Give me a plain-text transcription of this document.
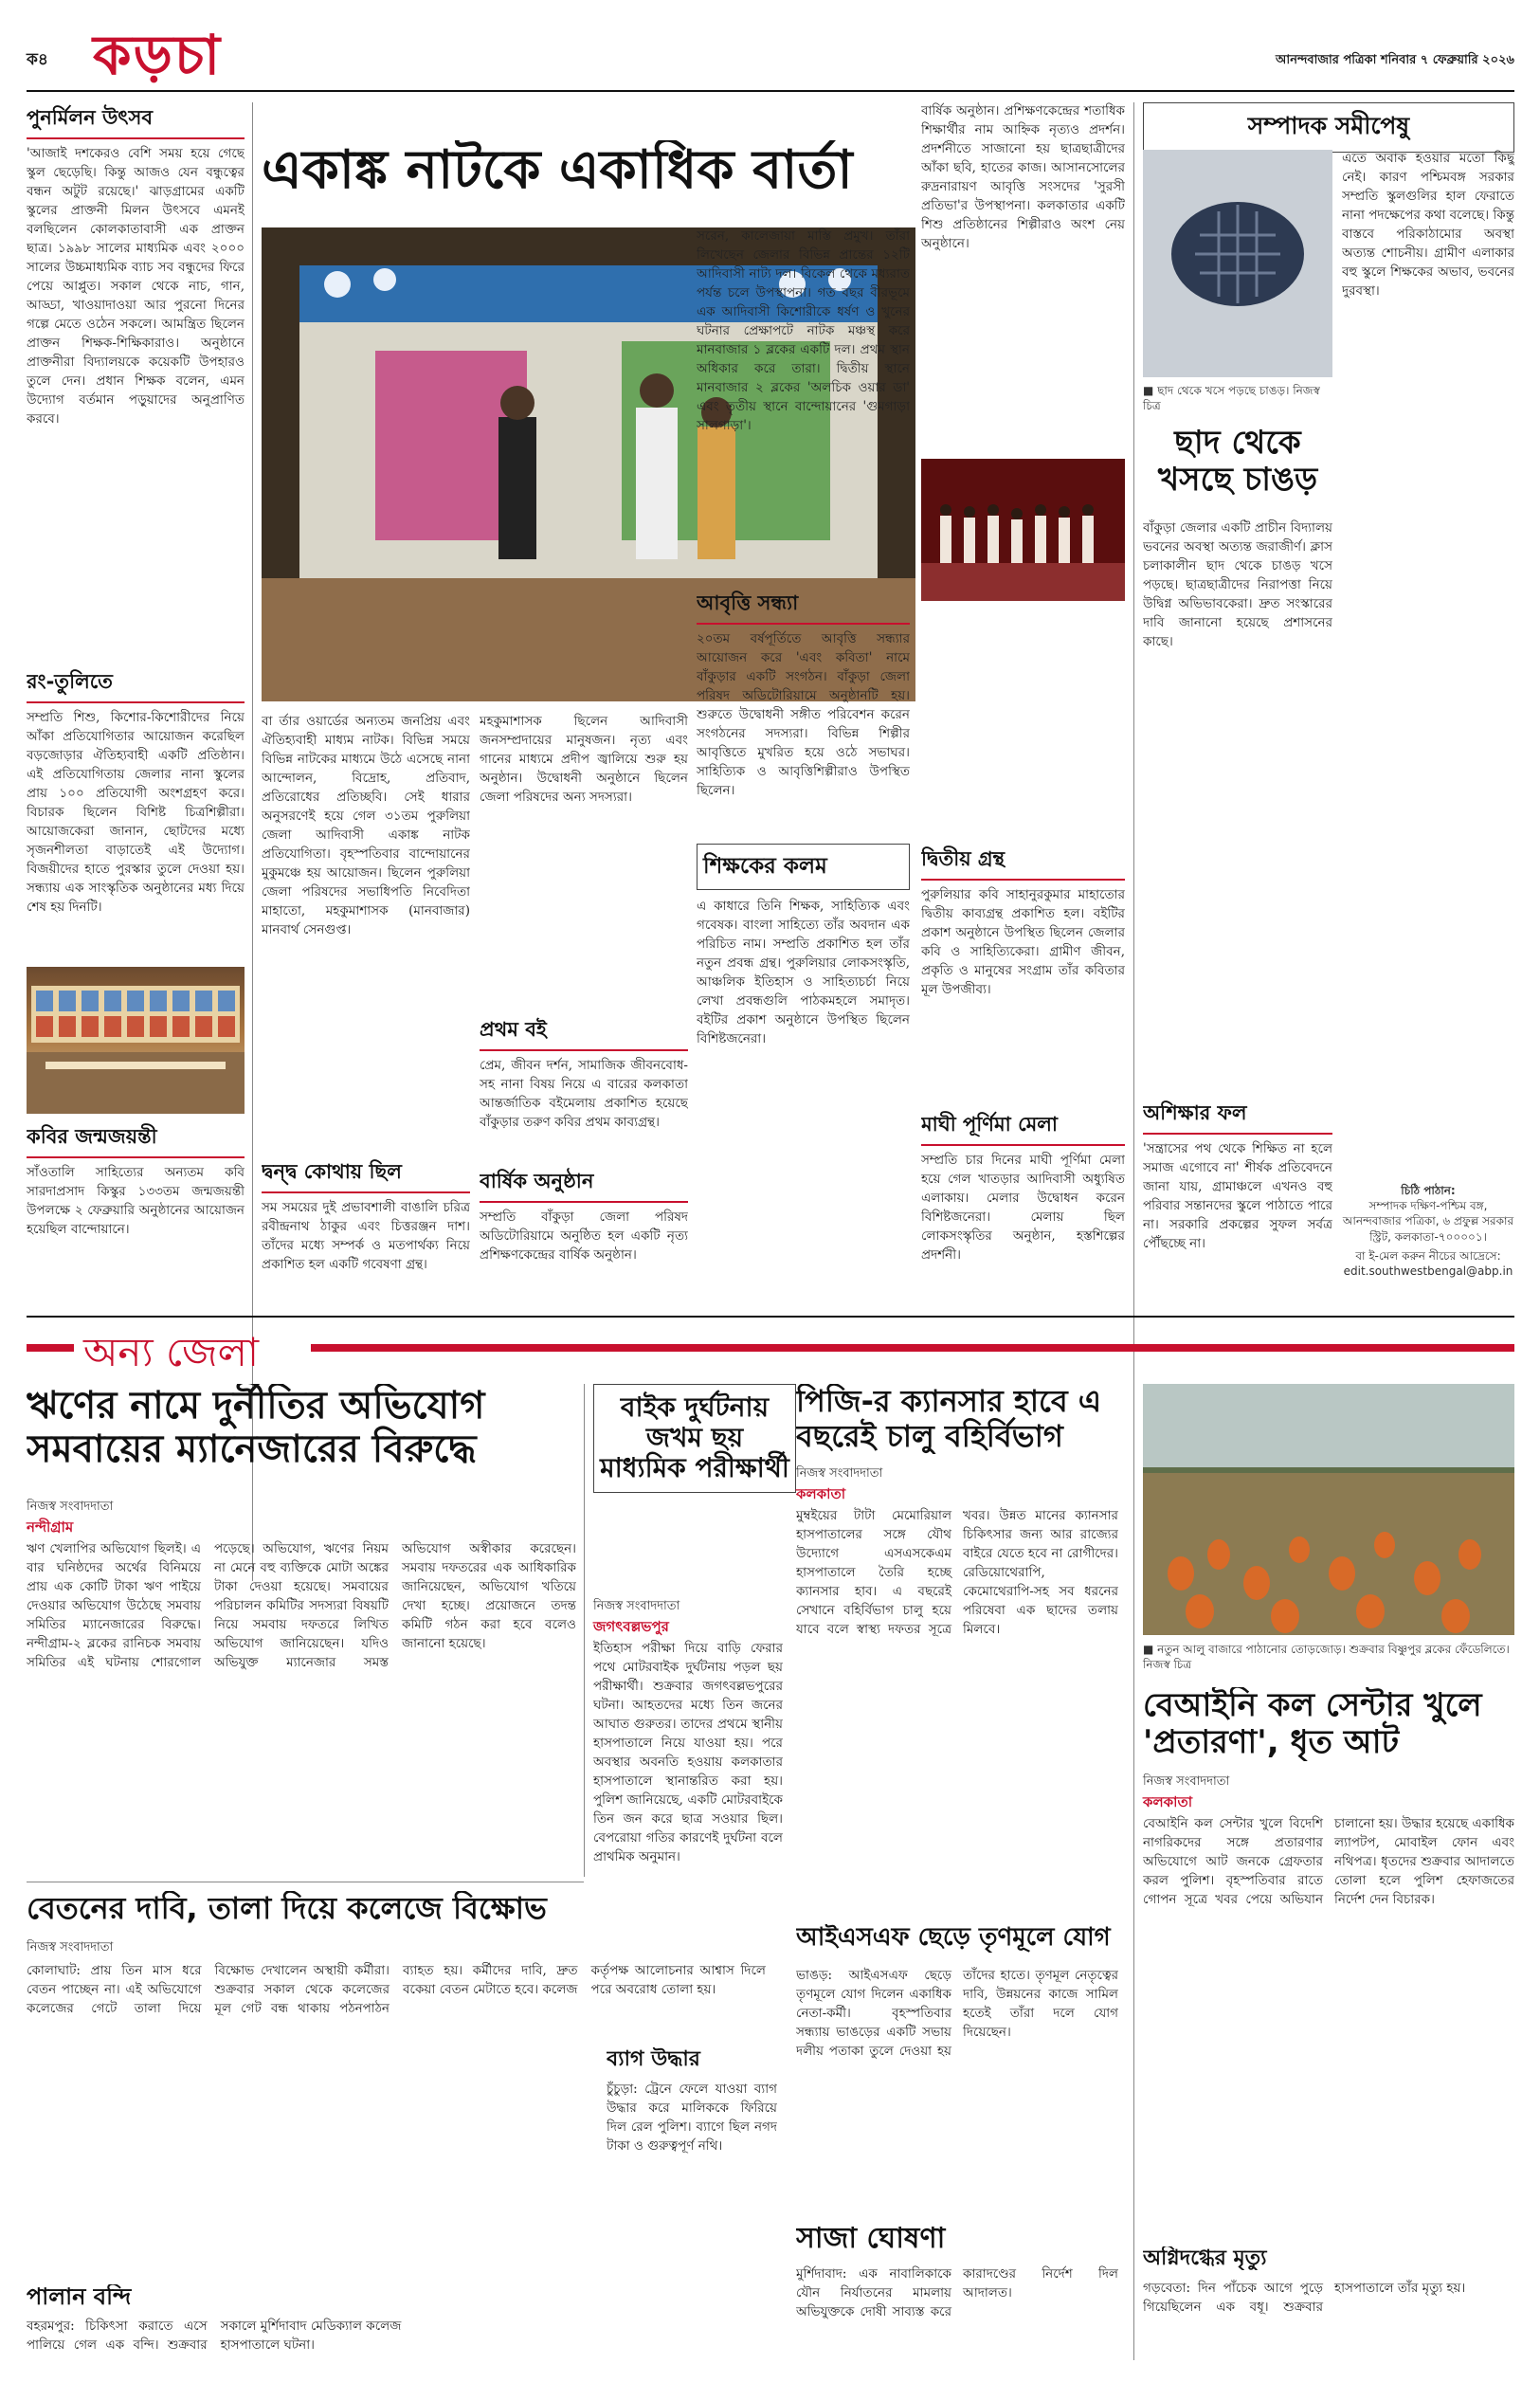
ক৪ কড়চা	আনন্দবাজার পত্রিকা শনিবার ৭ ফেব্রুয়ারি ২০২৬
পুনর্মিলন উৎসব
'আজাই দশকেরও বেশি সময় হয়ে গেছে স্কুল ছেড়েছি। কিন্তু আজও যেন বন্ধুত্বের বন্ধন অটুট রয়েছে।' ঝাড়গ্রামের একটি স্কুলের প্রাক্তনী মিলন উৎসবে এমনই বলছিলেন কোলকাতাবাসী এক প্রাক্তন ছাত্র। ১৯৯৮ সালের মাধ্যমিক এবং ২০০০ সালের উচ্চমাধ্যমিক ব্যাচ সব বন্ধুদের ফিরে পেয়ে আপ্লুত। সকাল থেকে নাচ, গান, আড্ডা, খাওয়াদাওয়া আর পুরনো দিনের গল্পে মেতে ওঠেন সকলে। আমন্ত্রিত ছিলেন প্রাক্তন শিক্ষক-শিক্ষিকারাও। অনুষ্ঠানে প্রাক্তনীরা বিদ্যালয়কে কয়েকটি উপহারও তুলে দেন। প্রধান শিক্ষক বলেন, এমন উদ্যোগ বর্তমান পড়ুয়াদের অনুপ্রাণিত করবে।
রং-তুলিতে
সম্প্রতি শিশু, কিশোর-কিশোরীদের নিয়ে আঁকা প্রতিযোগিতার আয়োজন করেছিল বড়জোড়ার ঐতিহ্যবাহী একটি প্রতিষ্ঠান। এই প্রতিযোগিতায় জেলার নানা স্কুলের প্রায় ১০০ প্রতিযোগী অংশগ্রহণ করে। বিচারক ছিলেন বিশিষ্ট চিত্রশিল্পীরা। আয়োজকেরা জানান, ছোটদের মধ্যে সৃজনশীলতা বাড়াতেই এই উদ্যোগ। বিজয়ীদের হাতে পুরস্কার তুলে দেওয়া হয়। সন্ধ্যায় এক সাংস্কৃতিক অনুষ্ঠানের মধ্য দিয়ে শেষ হয় দিনটি।
কবির জন্মজয়ন্তী
সাঁওতালি সাহিত্যের অন্যতম কবি সারদাপ্রসাদ কিস্কুর ১৩৩তম জন্মজয়ন্তী উপলক্ষে ২ ফেব্রুয়ারি অনুষ্ঠানের আয়োজন হয়েছিল বান্দোয়ানে।
একাঙ্ক নাটকে একাধিক বার্তা
বা র্তার ওয়ার্ডের অন্যতম জনপ্রিয় এবং ঐতিহ্যবাহী মাধ্যম নাটক। বিভিন্ন সময়ে বিভিন্ন নাটকের মাধ্যমে উঠে এসেছে নানা আন্দোলন, বিদ্রোহ, প্রতিবাদ, প্রতিরোধের প্রতিচ্ছবি। সেই ধারার অনুসরণেই হয়ে গেল ৩১তম পুরুলিয়া জেলা আদিবাসী একাঙ্ক নাটক প্রতিযোগিতা। বৃহস্পতিবার বান্দোয়ানের মুকুমঞ্চে হয় আয়োজন। ছিলেন পুরুলিয়া জেলা পরিষদের সভাধিপতি নিবেদিতা মাহাতো, মহকুমাশাসক (মানবাজার) মানবার্থ সেনগুপ্ত।
মহকুমাশাসক ছিলেন আদিবাসী জনসম্প্রদায়ের মানুষজন। নৃত্য এবং গানের মাধ্যমে প্রদীপ জ্বালিয়ে শুরু হয় অনুষ্ঠান। উদ্বোধনী অনুষ্ঠানে ছিলেন জেলা পরিষদের অন্য সদস্যরা।
সরেন, কালেজায়া মাস্তি প্রমুখ। তাঁরা লিখেছেন জেলার বিভিন্ন প্রান্তের ১২টি আদিবাসী নাট্য দল। বিকেল থেকে মধ্যরাত পর্যন্ত চলে উপস্থাপনা। গত বছর বীরভূমে এক আদিবাসী কিশোরীকে ধর্ষণ ও খুনের ঘটনার প্রেক্ষাপটে নাটক মঞ্চস্থ করে মানবাজার ১ ব্লকের একটি দল। প্রথম স্থান অধিকার করে তারা। দ্বিতীয় স্থানে মানবাজার ২ ব্লকের 'অলচিক ওয়ার ডা' এবং তৃতীয় স্থানে বান্দোয়ানের 'গুমগাড়া সালগাড়া'।
বার্ষিক অনুষ্ঠান। প্রশিক্ষণকেন্দ্রের শতাধিক শিক্ষার্থীর নাম আহ্নিক নৃত্যও প্রদর্শন। প্রদর্শনীতে সাজানো হয় ছাত্রছাত্রীদের আঁকা ছবি, হাতের কাজ। আসানসোলের রুদ্রনারায়ণ আবৃত্তি সংসদের 'সুরসী প্রতিভা'র উপস্থাপনা। কলকাতার একটি শিশু প্রতিষ্ঠানের শিল্পীরাও অংশ নেয় অনুষ্ঠানে।
আবৃত্তি সন্ধ্যা
২০তম বর্ষপূর্তিতে আবৃত্তি সন্ধ্যার আয়োজন করে 'এবং কবিতা' নামে বাঁকুড়ার একটি সংগঠন। বাঁকুড়া জেলা পরিষদ অডিটোরিয়ামে অনুষ্ঠানটি হয়। শুরুতে উদ্বোধনী সঙ্গীত পরিবেশন করেন সংগঠনের সদস্যরা। বিভিন্ন শিল্পীর আবৃত্তিতে মুখরিত হয়ে ওঠে সভাঘর। সাহিত্যিক ও আবৃত্তিশিল্পীরাও উপস্থিত ছিলেন।
শিক্ষকের কলম
এ কাধারে তিনি শিক্ষক, সাহিত্যিক এবং গবেষক। বাংলা সাহিত্যে তাঁর অবদান এক পরিচিত নাম। সম্প্রতি প্রকাশিত হল তাঁর নতুন প্রবন্ধ গ্রন্থ। পুরুলিয়ার লোকসংস্কৃতি, আঞ্চলিক ইতিহাস ও সাহিত্যচর্চা নিয়ে লেখা প্রবন্ধগুলি পাঠকমহলে সমাদৃত। বইটির প্রকাশ অনুষ্ঠানে উপস্থিত ছিলেন বিশিষ্টজনেরা।
দ্বিতীয় গ্রন্থ
পুরুলিয়ার কবি সাহানুরকুমার মাহাতোর দ্বিতীয় কাব্যগ্রন্থ প্রকাশিত হল। বইটির প্রকাশ অনুষ্ঠানে উপস্থিত ছিলেন জেলার কবি ও সাহিত্যিকেরা। গ্রামীণ জীবন, প্রকৃতি ও মানুষের সংগ্রাম তাঁর কবিতার মূল উপজীব্য।
মাঘী পূর্ণিমা মেলা
সম্প্রতি চার দিনের মাঘী পূর্ণিমা মেলা হয়ে গেল খাতড়ার আদিবাসী অধ্যুষিত এলাকায়। মেলার উদ্বোধন করেন বিশিষ্টজনেরা। মেলায় ছিল লোকসংস্কৃতির অনুষ্ঠান, হস্তশিল্পের প্রদর্শনী।
প্রথম বই
প্রেম, জীবন দর্শন, সামাজিক জীবনবোধ-সহ নানা বিষয় নিয়ে এ বারের কলকাতা আন্তর্জাতিক বইমেলায় প্রকাশিত হয়েছে বাঁকুড়ার তরুণ কবির প্রথম কাব্যগ্রন্থ।
দ্বন্দ্ব কোথায় ছিল
সম সময়ের দুই প্রভাবশালী বাঙালি চরিত্র রবীন্দ্রনাথ ঠাকুর এবং চিত্তরঞ্জন দাশ। তাঁদের মধ্যে সম্পর্ক ও মতপার্থক্য নিয়ে প্রকাশিত হল একটি গবেষণা গ্রন্থ।
বার্ষিক অনুষ্ঠান
সম্প্রতি বাঁকুড়া জেলা পরিষদ অডিটোরিয়ামে অনুষ্ঠিত হল একটি নৃত্য প্রশিক্ষণকেন্দ্রের বার্ষিক অনুষ্ঠান।
সম্পাদক সমীপেষু
■ ছাদ থেকে খসে পড়ছে চাঙড়। নিজস্ব চিত্র
ছাদ থেকে খসছে চাঙড়
বাঁকুড়া জেলার একটি প্রাচীন বিদ্যালয় ভবনের অবস্থা অত্যন্ত জরাজীর্ণ। ক্লাস চলাকালীন ছাদ থেকে চাঙড় খসে পড়ছে। ছাত্রছাত্রীদের নিরাপত্তা নিয়ে উদ্বিগ্ন অভিভাবকেরা। দ্রুত সংস্কারের দাবি জানানো হয়েছে প্রশাসনের কাছে।
এতে অবাক হওয়ার মতো কিছু নেই। কারণ পশ্চিমবঙ্গ সরকার সম্প্রতি স্কুলগুলির হাল ফেরাতে নানা পদক্ষেপের কথা বলেছে। কিন্তু বাস্তবে পরিকাঠামোর অবস্থা অত্যন্ত শোচনীয়। গ্রামীণ এলাকার বহু স্কুলে শিক্ষকের অভাব, ভবনের দুরবস্থা।
অশিক্ষার ফল
'সন্ত্রাসের পথ থেকে শিক্ষিত না হলে সমাজ এগোবে না' শীর্ষক প্রতিবেদনে জানা যায়, গ্রামাঞ্চলে এখনও বহু পরিবার সন্তানদের স্কুলে পাঠাতে পারে না। সরকারি প্রকল্পের সুফল সর্বত্র পৌঁছচ্ছে না।
চিঠি পাঠান:
সম্পাদক দক্ষিণ-পশ্চিম বঙ্গ, আনন্দবাজার পত্রিকা, ৬ প্রফুল্ল সরকার স্ট্রিট, কলকাতা-৭০০০০১।
বা ই-মেল করুন নীচের আদ্রেসে: edit.southwestbengal@abp.in
অন্য জেলা
ঋণের নামে দুর্নীতির অভিযোগ সমবায়ের ম্যানেজারের বিরুদ্ধে
নিজস্ব সংবাদদাতা
নন্দীগ্রাম
ঋণ খেলাপির অভিযোগ ছিলই। এ বার ঘনিষ্ঠদের অর্থের বিনিময়ে প্রায় এক কোটি টাকা ঋণ পাইয়ে দেওয়ার অভিযোগ উঠেছে সমবায় সমিতির ম্যানেজারের বিরুদ্ধে। নন্দীগ্রাম-২ ব্লকের রানিচক সমবায় সমিতির এই ঘটনায় শোরগোল পড়েছে। অভিযোগ, ঋণের নিয়ম না মেনে বহু ব্যক্তিকে মোটা অঙ্কের টাকা দেওয়া হয়েছে। সমবায়ের পরিচালন কমিটির সদস্যরা বিষয়টি নিয়ে সমবায় দফতরে লিখিত অভিযোগ জানিয়েছেন। যদিও অভিযুক্ত ম্যানেজার সমস্ত অভিযোগ অস্বীকার করেছেন। সমবায় দফতরের এক আধিকারিক জানিয়েছেন, অভিযোগ খতিয়ে দেখা হচ্ছে। প্রয়োজনে তদন্ত কমিটি গঠন করা হবে বলেও জানানো হয়েছে।
বাইক দুর্ঘটনায় জখম ছয় মাধ্যমিক পরীক্ষার্থী
নিজস্ব সংবাদদাতা
জগৎবল্লভপুর
ইতিহাস পরীক্ষা দিয়ে বাড়ি ফেরার পথে মোটরবাইক দুর্ঘটনায় পড়ল ছয় পরীক্ষার্থী। শুক্রবার জগৎবল্লভপুরের ঘটনা। আহতদের মধ্যে তিন জনের আঘাত গুরুতর। তাদের প্রথমে স্থানীয় হাসপাতালে নিয়ে যাওয়া হয়। পরে অবস্থার অবনতি হওয়ায় কলকাতার হাসপাতালে স্থানান্তরিত করা হয়। পুলিশ জানিয়েছে, একটি মোটরবাইকে তিন জন করে ছাত্র সওয়ার ছিল। বেপরোয়া গতির কারণেই দুর্ঘটনা বলে প্রাথমিক অনুমান।
পিজি-র ক্যানসার হাবে এ বছরেই চালু বহির্বিভাগ
নিজস্ব সংবাদদাতা
কলকাতা
মুম্বইয়ের টাটা মেমোরিয়াল হাসপাতালের সঙ্গে যৌথ উদ্যোগে এসএসকেএম হাসপাতালে তৈরি হচ্ছে ক্যানসার হাব। এ বছরেই সেখানে বহির্বিভাগ চালু হয়ে যাবে বলে স্বাস্থ্য দফতর সূত্রে খবর। উন্নত মানের ক্যানসার চিকিৎসার জন্য আর রাজ্যের বাইরে যেতে হবে না রোগীদের। রেডিয়োথেরাপি, কেমোথেরাপি-সহ সব ধরনের পরিষেবা এক ছাদের তলায় মিলবে।
■ নতুন আলু বাজারে পাঠানোর তোড়জোড়। শুক্রবার বিষ্ণুপুর ব্লকের ফেঁডেলিতে। নিজস্ব চিত্র
বেআইনি কল সেন্টার খুলে 'প্রতারণা', ধৃত আট
নিজস্ব সংবাদদাতা
কলকাতা
বেআইনি কল সেন্টার খুলে বিদেশি নাগরিকদের সঙ্গে প্রতারণার অভিযোগে আট জনকে গ্রেফতার করল পুলিশ। বৃহস্পতিবার রাতে গোপন সূত্রে খবর পেয়ে অভিযান চালানো হয়। উদ্ধার হয়েছে একাধিক ল্যাপটপ, মোবাইল ফোন এবং নথিপত্র। ধৃতদের শুক্রবার আদালতে তোলা হলে পুলিশ হেফাজতের নির্দেশ দেন বিচারক।
বেতনের দাবি, তালা দিয়ে কলেজে বিক্ষোভ
নিজস্ব সংবাদদাতা
কোলাঘাট: প্রায় তিন মাস ধরে বেতন পাচ্ছেন না। এই অভিযোগে কলেজের গেটে তালা দিয়ে বিক্ষোভ দেখালেন অস্থায়ী কর্মীরা। শুক্রবার সকাল থেকে কলেজের মূল গেট বন্ধ থাকায় পঠনপাঠন ব্যাহত হয়। কর্মীদের দাবি, দ্রুত বকেয়া বেতন মেটাতে হবে। কলেজ কর্তৃপক্ষ আলোচনার আশ্বাস দিলে পরে অবরোধ তোলা হয়।
আইএসএফ ছেড়ে তৃণমূলে যোগ
ভাঙড়: আইএসএফ ছেড়ে তৃণমূলে যোগ দিলেন একাধিক নেতা-কর্মী। বৃহস্পতিবার সন্ধ্যায় ভাঙড়ের একটি সভায় দলীয় পতাকা তুলে দেওয়া হয় তাঁদের হাতে। তৃণমূল নেতৃত্বের দাবি, উন্নয়নের কাজে সামিল হতেই তাঁরা দলে যোগ দিয়েছেন।
ব্যাগ উদ্ধার
চুঁচুড়া: ট্রেনে ফেলে যাওয়া ব্যাগ উদ্ধার করে মালিককে ফিরিয়ে দিল রেল পুলিশ। ব্যাগে ছিল নগদ টাকা ও গুরুত্বপূর্ণ নথি।
সাজা ঘোষণা
মুর্শিদাবাদ: এক নাবালিকাকে যৌন নির্যাতনের মামলায় অভিযুক্তকে দোষী সাব্যস্ত করে কারাদণ্ডের নির্দেশ দিল আদালত।
পালান বন্দি
বহরমপুর: চিকিৎসা করাতে এসে পালিয়ে গেল এক বন্দি। শুক্রবার সকালে মুর্শিদাবাদ মেডিক্যাল কলেজ হাসপাতালে ঘটনা।
অগ্নিদগ্ধের মৃত্যু
গড়বেতা: দিন পাঁচেক আগে পুড়ে গিয়েছিলেন এক বধূ। শুক্রবার হাসপাতালে তাঁর মৃত্যু হয়।
